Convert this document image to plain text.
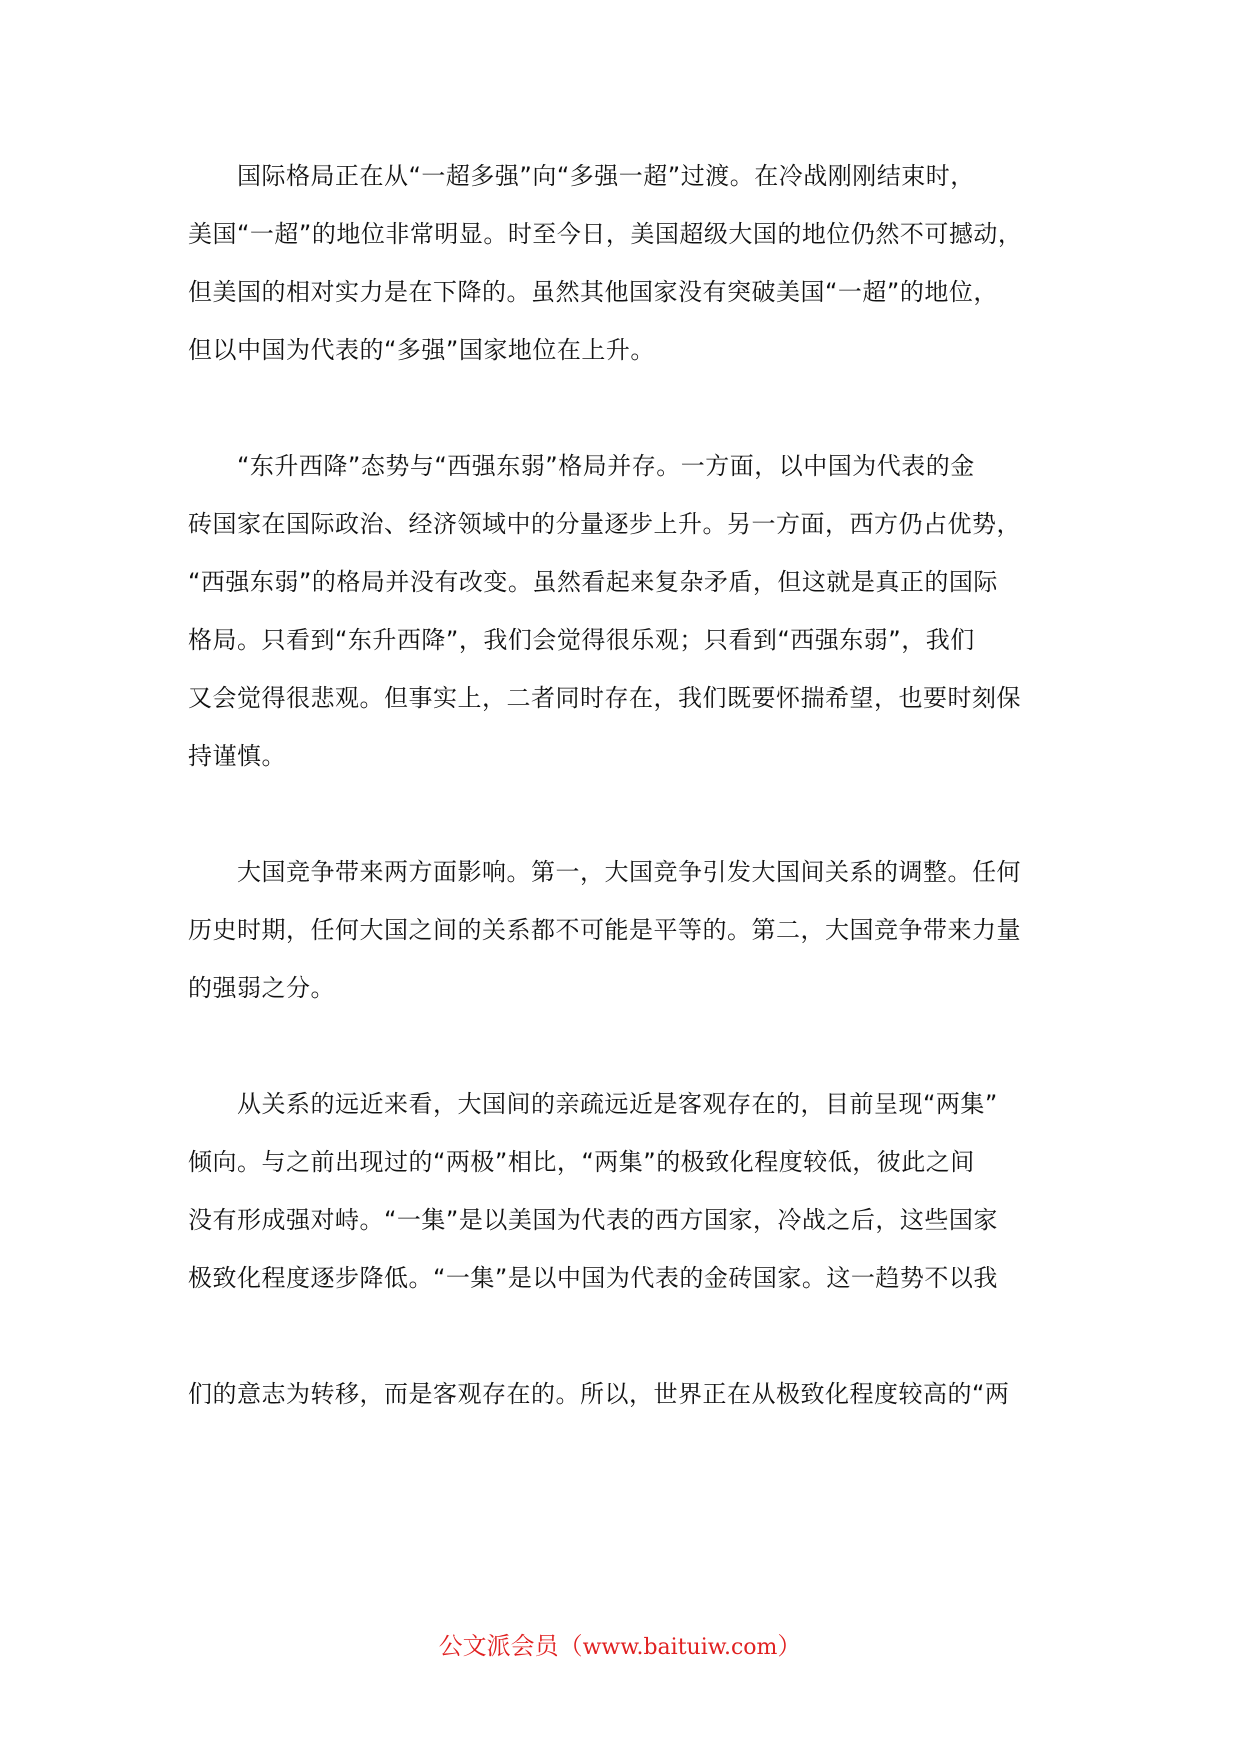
　　国际格局正在从“一超多强”向“多强一超”过渡。在冷战刚刚结束时，
美国“一超”的地位非常明显。时至今日，美国超级大国的地位仍然不可撼动，
但美国的相对实力是在下降的。虽然其他国家没有突破美国“一超”的地位，
但以中国为代表的“多强”国家地位在上升。
　　“东升西降”态势与“西强东弱”格局并存。一方面，以中国为代表的金
砖国家在国际政治、经济领域中的分量逐步上升。另一方面，西方仍占优势，
“西强东弱”的格局并没有改变。虽然看起来复杂矛盾，但这就是真正的国际
格局。只看到“东升西降”，我们会觉得很乐观；只看到“西强东弱”，我们
又会觉得很悲观。但事实上，二者同时存在，我们既要怀揣希望，也要时刻保
持谨慎。
　　大国竞争带来两方面影响。第一，大国竞争引发大国间关系的调整。任何
历史时期，任何大国之间的关系都不可能是平等的。第二，大国竞争带来力量
的强弱之分。
　　从关系的远近来看，大国间的亲疏远近是客观存在的，目前呈现“两集”
倾向。与之前出现过的“两极”相比，“两集”的极致化程度较低，彼此之间
没有形成强对峙。“一集”是以美国为代表的西方国家，冷战之后，这些国家
极致化程度逐步降低。“一集”是以中国为代表的金砖国家。这一趋势不以我
们的意志为转移，而是客观存在的。所以，世界正在从极致化程度较高的“两
公文派会员（www.baituiw.com）
